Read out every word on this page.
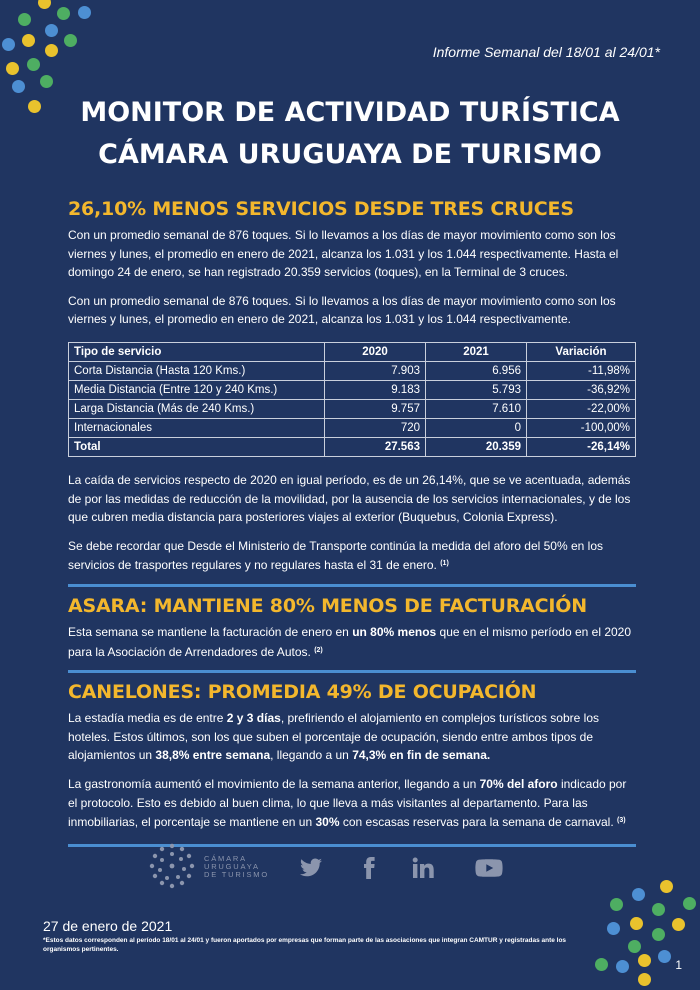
Informe Semanal del 18/01 al 24/01*
MONITOR DE ACTIVIDAD TURÍSTICA
CÁMARA URUGUAYA DE TURISMO
26,10% MENOS SERVICIOS DESDE TRES CRUCES

Con un promedio semanal de 876 toques. Si lo llevamos a los días de mayor movimiento como son los viernes y lunes, el promedio en enero de 2021, alcanza los 1.031 y los 1.044 respectivamente. Hasta el domingo 24 de enero, se han registrado 20.359 servicios (toques), en la Terminal de 3 cruces.

Con un promedio semanal de 876 toques. Si lo llevamos a los días de mayor movimiento como son los viernes y lunes, el promedio en enero de 2021, alcanza los 1.031 y los 1.044 respectivamente.

Tipo de servicio	2020	2021	Variación
Corta Distancia (Hasta 120 Kms.)	7.903	6.956	-11,98%
Media Distancia (Entre 120 y 240 Kms.)	9.183	5.793	-36,92%
Larga Distancia (Más de 240 Kms.)	9.757	7.610	-22,00%
Internacionales	720	0	-100,00%
Total	27.563	20.359	-26,14%

La caída de servicios respecto de 2020 en igual período, es de un 26,14%, que se ve acentuada, además de por las medidas de reducción de la movilidad, por la ausencia de los servicios internacionales, y de los que cubren media distancia para posteriores viajes al exterior (Buquebus, Colonia Express).

Se debe recordar que Desde el Ministerio de Transporte continúa la medida del aforo del 50% en los servicios de trasportes regulares y no regulares hasta el 31 de enero. $^{(1)}$

ASARA: MANTIENE 80% MENOS DE FACTURACIÓN

Esta semana se mantiene la facturación de enero en un 80% menos que en el mismo período en el 2020 para la Asociación de Arrendadores de Autos. $^{(2)}$

CANELONES: PROMEDIA 49% DE OCUPACIÓN

La estadía media es de entre 2 y 3 días, prefiriendo el alojamiento en complejos turísticos sobre los hoteles. Estos últimos, son los que suben el porcentaje de ocupación, siendo entre ambos tipos de alojamientos un 38,8% entre semana, llegando a un 74,3% en fin de semana.

La gastronomía aumentó el movimiento de la semana anterior, llegando a un 70% del aforo indicado por el protocolo. Esto es debido al buen clima, lo que lleva a más visitantes al departamento. Para las inmobiliarias, el porcentaje se mantiene en un 30% con escasas reservas para la semana de carnaval. $^{(3)}$

CÁMARA
URUGUAYA
DE TURISMO
27 de enero de 2021
*Estos datos corresponden al período 18/01 al 24/01 y fueron aportados por empresas que forman parte de las asociaciones que integran CAMTUR y registradas ante los organismos pertinentes.
1
